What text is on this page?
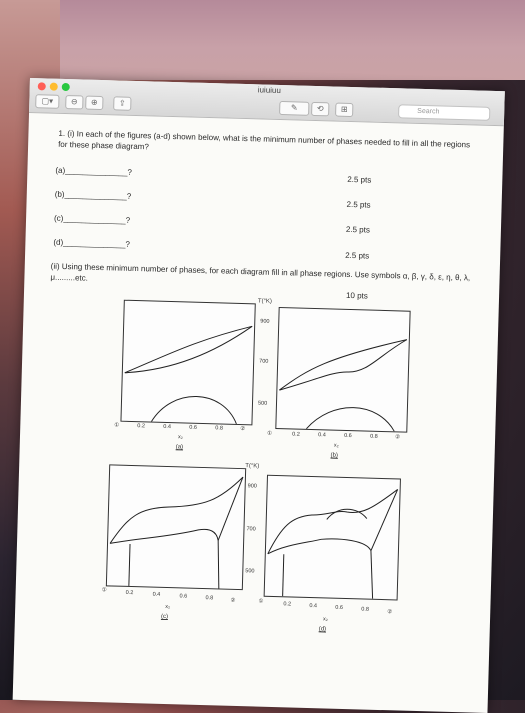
iuiuiuu
▢▾	⊖	⊕	⇪
✎	⟲	⊞	Search
1. (i) In each of the figures (a-d) shown below, what is the minimum number of phases needed to fill in all the regions for these phase diagram?
(a)______________?
2.5 pts
(b)______________?
2.5 pts
(c)______________?
2.5 pts
(d)______________?
2.5 pts
(ii) Using these minimum number of phases, for each diagram fill in all phase regions. Use symbols α, β, γ, δ, ε, η, θ, λ, μ.........etc.
10 pts
①	0.2	0.4	0.6	0.8	②
x₂
(a)
T(°K)
900
700
500
①	0.2	0.4	0.6	0.8	②
x₂
(b)
①	0.2	0.4	0.6	0.8	②
x₂
(c)
T(°K)
900
700
500
①	0.2	0.4	0.6	0.8	②
x₂
(d)
